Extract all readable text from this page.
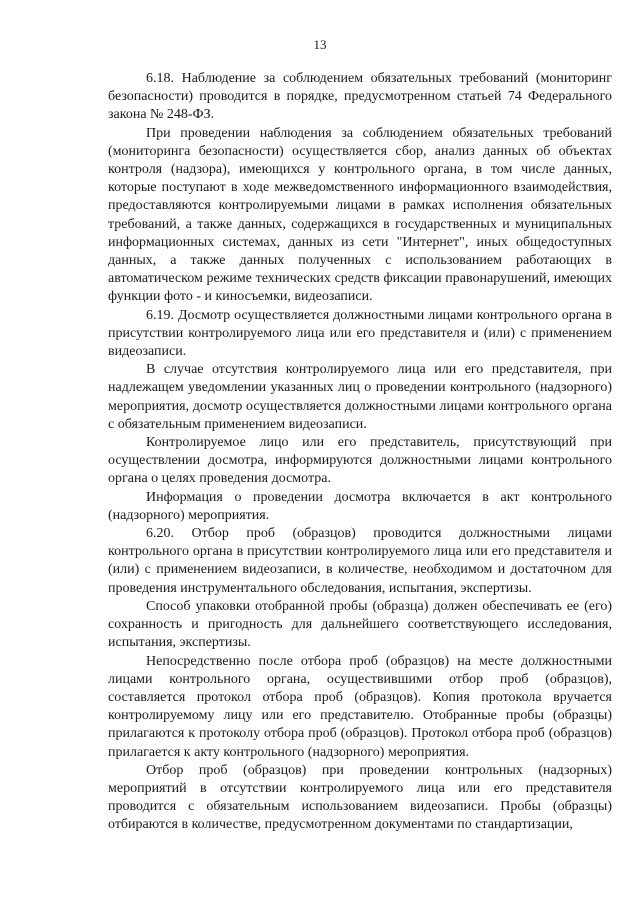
13

6.18. Наблюдение за соблюдением обязательных требований (мониторинг безопасности) проводится в порядке, предусмотренном статьей 74 Федерального закона № 248-ФЗ.

При проведении наблюдения за соблюдением обязательных требований (мониторинга безопасности) осуществляется сбор, анализ данных об объектах контроля (надзора), имеющихся у контрольного органа, в том числе данных, которые поступают в ходе межведомственного информационного взаимодействия, предоставляются контролируемыми лицами в рамках исполнения обязательных требований, а также данных, содержащихся в государственных и муниципальных информационных системах, данных из сети "Интернет", иных общедоступных данных, а также данных полученных с использованием работающих в автоматическом режиме технических средств фиксации правонарушений, имеющих функции фото - и киносъемки, видеозаписи.

6.19. Досмотр осуществляется должностными лицами контрольного органа в присутствии контролируемого лица или его представителя и (или) с применением видеозаписи.

В случае отсутствия контролируемого лица или его представителя, при надлежащем уведомлении указанных лиц о проведении контрольного (надзорного) мероприятия, досмотр осуществляется должностными лицами контрольного органа с обязательным применением видеозаписи.

Контролируемое лицо или его представитель, присутствующий при осуществлении досмотра, информируются должностными лицами контрольного органа о целях проведения досмотра.

Информация о проведении досмотра включается в акт контрольного (надзорного) мероприятия.

6.20. Отбор проб (образцов) проводится должностными лицами контрольного органа в присутствии контролируемого лица или его представителя и (или) с применением видеозаписи, в количестве, необходимом и достаточном для проведения инструментального обследования, испытания, экспертизы.

Способ упаковки отобранной пробы (образца) должен обеспечивать ее (его) сохранность и пригодность для дальнейшего соответствующего исследования, испытания, экспертизы.

Непосредственно после отбора проб (образцов) на месте должностными лицами контрольного органа, осуществившими отбор проб (образцов), составляется протокол отбора проб (образцов). Копия протокола вручается контролируемому лицу или его представителю. Отобранные пробы (образцы) прилагаются к протоколу отбора проб (образцов). Протокол отбора проб (образцов) прилагается к акту контрольного (надзорного) мероприятия.

Отбор проб (образцов) при проведении контрольных (надзорных) мероприятий в отсутствии контролируемого лица или его представителя проводится с обязательным использованием видеозаписи. Пробы (образцы) отбираются в количестве, предусмотренном документами по стандартизации,
